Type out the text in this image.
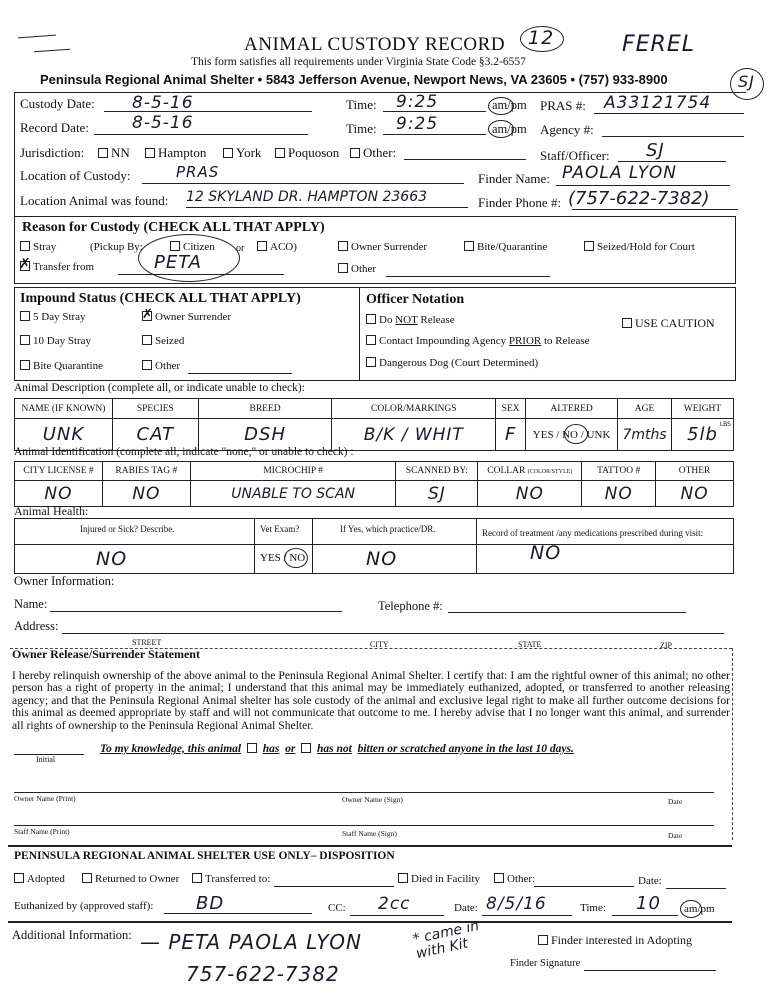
ANIMAL CUSTODY RECORD 12	FEREL
SJ
This form satisfies all requirements under Virginia State Code §3.2-6557
Peninsula Regional Animal Shelter • 5843 Jefferson Avenue, Newport News, VA 23605 • (757) 933-8900
Custody Date: 8-5-16	Time: 9:25	am/pm PRAS #: A33121754
Record Date:	8-5-16	Time: 9:25	am/pm Agency #:
Jurisdiction:	NN	Hampton	York	Poquoson	Other:	Staff/Officer: SJ
Location of Custody:	PRAS	Finder Name: PAOLA LYON
Location Animal was found: 12 SKYLAND DR. HAMPTON 23663	Finder Phone #: (757-622-7382)
Reason for Custody (CHECK ALL THAT APPLY)
Stray	(Pickup By:	Citizen or	ACO)	Owner Surrender	Bite/Quarantine	Seized/Hold for Court
✗ Transfer from	PETA	Other
Impound Status (CHECK ALL THAT APPLY)
5 Day Stray	✗ Owner Surrender
10 Day Stray	Seized
Bite Quarantine	Other
Officer Notation
Do NOT Release	USE CAUTION
Contact Impounding Agency PRIOR to Release
Dangerous Dog (Court Determined)
Animal Description (complete all, or indicate unable to check):
NAME (IF KNOWN)	SPECIES	BREED	COLOR/MARKINGS	SEX	ALTERED	AGE	WEIGHT
UNK	CAT	DSH	B/K / WHIT	F	YES / NO / UNK	7mths	5lb LBS
Animal Identification (complete all, indicate "none," or unable to check) :
CITY LICENSE #	RABIES TAG #	MICROCHIP #	SCANNED BY:	COLLAR (COLOR/STYLE)	TATTOO #	OTHER
NO	NO	UNABLE TO SCAN	SJ	NO	NO	NO
Animal Health:
Injured or Sick? Describe.	Vet Exam?	If Yes, which practice/DR.	Record of treatment /any medications prescribed during visit:
NO	YES / NO	NO	NO
Owner Information:
Name:	Telephone #:
Address:
STREET	CITY	STATE	ZIP
Owner Release/Surrender Statement
I hereby relinquish ownership of the above animal to the Peninsula Regional Animal Shelter. I certify that: I am the rightful owner of this animal; no other person has a right of property in the animal; I understand that this animal may be immediately euthanized, adopted, or transferred to another releasing agency; and that the Peninsula Regional Animal shelter has sole custody of the animal and exclusive legal right to make all further outcome decisions for this animal as deemed appropriate by staff and will not communicate that outcome to me. I hereby advise that I no longer want this animal, and surrender all rights of ownership to the Peninsula Regional Animal Shelter.
Initial
To my knowledge, this animal has or has not bitten or scratched anyone in the last 10 days.
Owner Name (Print)	Owner Name (Sign)	Date
Staff Name (Print)	Staff Name (Sign)	Date
PENINSULA REGIONAL ANIMAL SHELTER USE ONLY– DISPOSITION
Adopted	Returned to Owner	Transferred to:	Died in Facility	Other:	Date:
Euthanized by (approved staff): BD	CC: 2cc	Date: 8/5/16	Time: 10 am/pm
Additional Information: — PETA PAOLA LYON
757-622-7382
* came in with Kit	Finder interested in Adopting
Finder Signature
